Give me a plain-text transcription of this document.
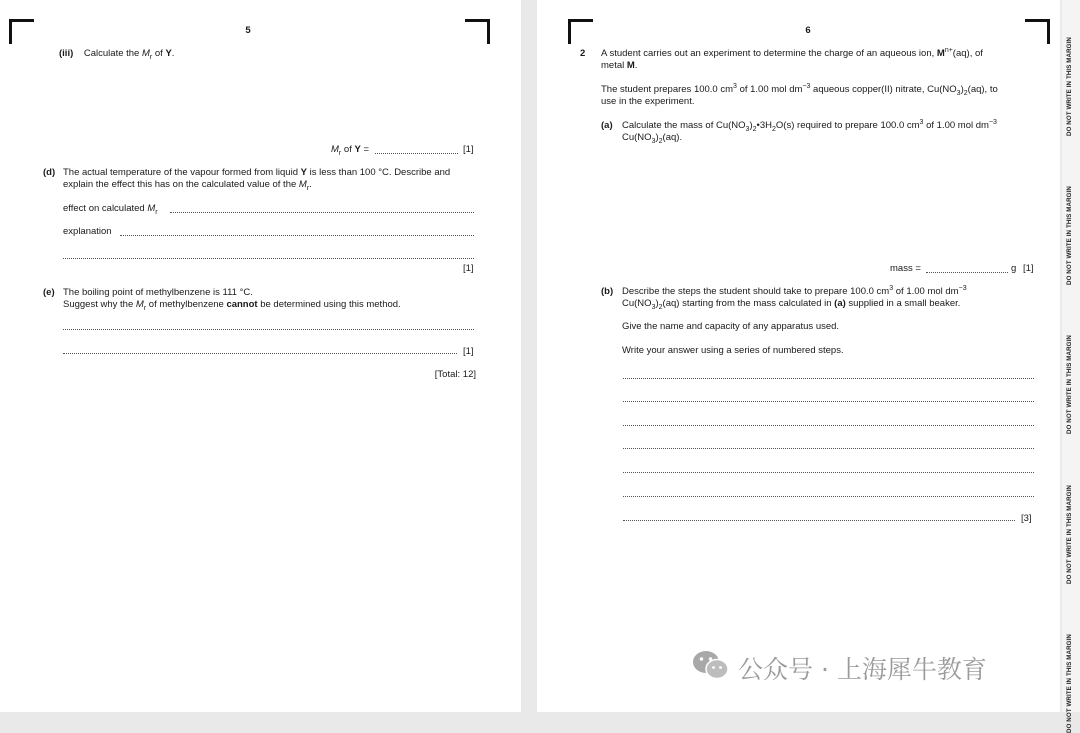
5
(iii) Calculate the $M_r$ of Y.
$M_r$ of Y =	[1]
(d) The actual temperature of the vapour formed from liquid Y is less than 100 °C. Describe and
explain the effect this has on the calculated value of the $M_r$.
effect on calculated $M_r$
explanation
[1]
(e) The boiling point of methylbenzene is 111 °C.
Suggest why the $M_r$ of methylbenzene cannot be determined using this method.
[1]
[Total: 12]
6
2 A student carries out an experiment to determine the charge of an aqueous ion, $M^{n+}(aq)$, of
metal M.
The student prepares 100.0 $cm^3$ of 1.00 mol $dm^{-3}$ aqueous copper(II) nitrate, $Cu(NO_3)_2(aq)$, to
use in the experiment.
(a) Calculate the mass of $Cu(NO_3)_2•3H_2O(s)$ required to prepare 100.0 $cm^3$ of 1.00 mol $dm^{-3}$
$Cu(NO_3)_2(aq)$.
mass =	g [1]
(b) Describe the steps the student should take to prepare 100.0 $cm^3$ of 1.00 mol $dm^{-3}$
$Cu(NO_3)_2(aq)$ starting from the mass calculated in (a) supplied in a small beaker.
Give the name and capacity of any apparatus used.
Write your answer using a series of numbered steps.
[3]
DO NOT WRITE IN THIS MARGIN
DO NOT WRITE IN THIS MARGIN
DO NOT WRITE IN THIS MARGIN
DO NOT WRITE IN THIS MARGIN
DO NOT WRITE IN THIS MARGIN
公众号 · 上海犀牛教育
